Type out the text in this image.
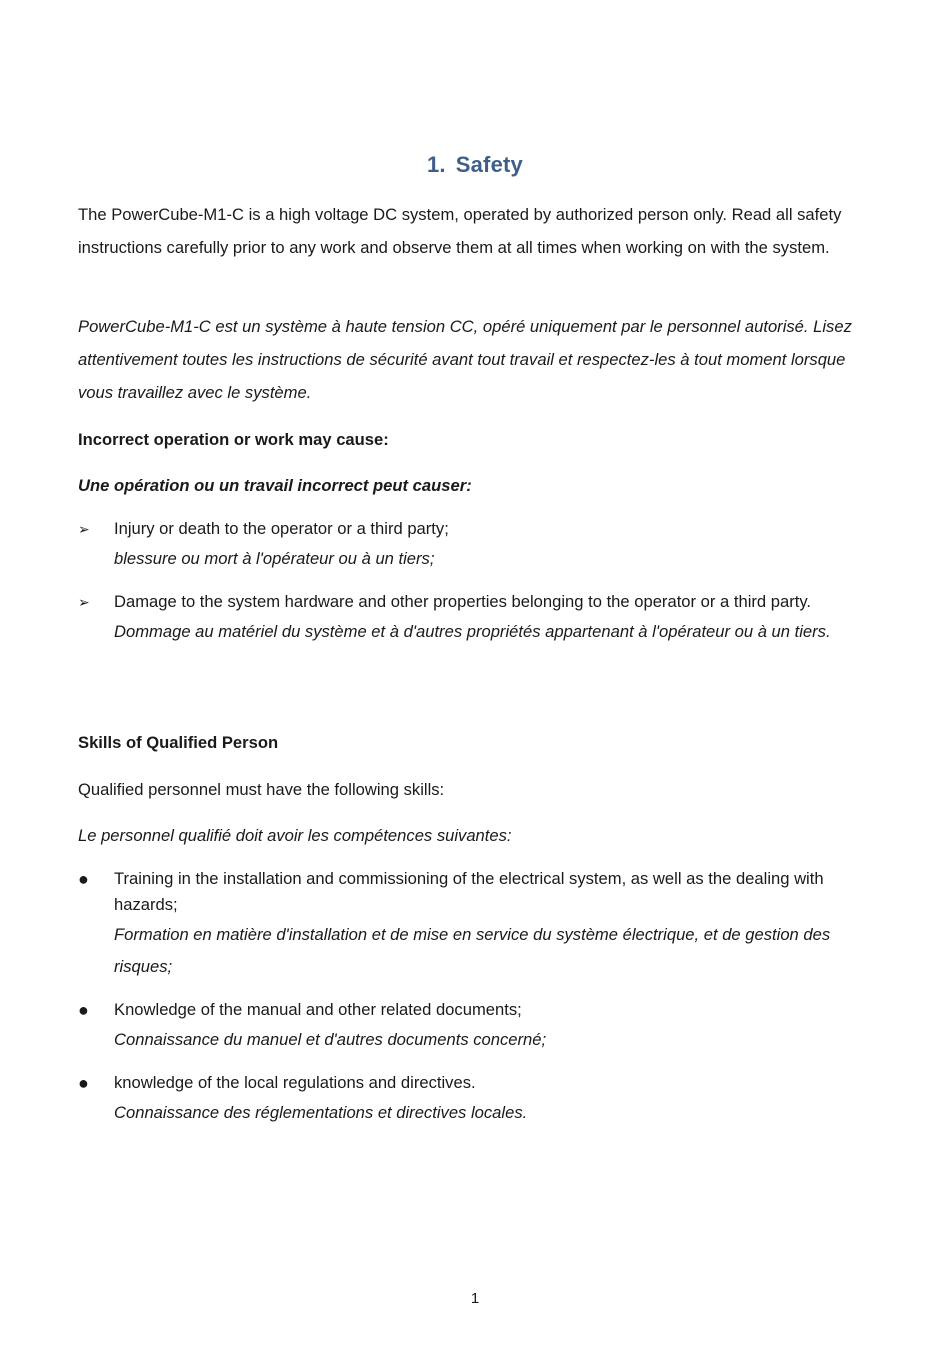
1. Safety
The PowerCube-M1-C is a high voltage DC system, operated by authorized person only. Read all safety instructions carefully prior to any work and observe them at all times when working on with the system.
PowerCube-M1-C est un système à haute tension CC, opéré uniquement par le personnel autorisé. Lisez attentivement toutes les instructions de sécurité avant tout travail et respectez-les à tout moment lorsque vous travaillez avec le système.
Incorrect operation or work may cause:
Une opération ou un travail incorrect peut causer:
➢	Injury or death to the operator or a third party;
blessure ou mort à l'opérateur ou à un tiers;
➢	Damage to the system hardware and other properties belonging to the operator or a third party.
Dommage au matériel du système et à d'autres propriétés appartenant à l'opérateur ou à un tiers.
Skills of Qualified Person
Qualified personnel must have the following skills:
Le personnel qualifié doit avoir les compétences suivantes:
●	Training in the installation and commissioning of the electrical system, as well as the dealing with hazards;
Formation en matière d'installation et de mise en service du système électrique, et de gestion des risques;
●	Knowledge of the manual and other related documents;
Connaissance du manuel et d'autres documents concerné;
●	knowledge of the local regulations and directives.
Connaissance des réglementations et directives locales.
1
